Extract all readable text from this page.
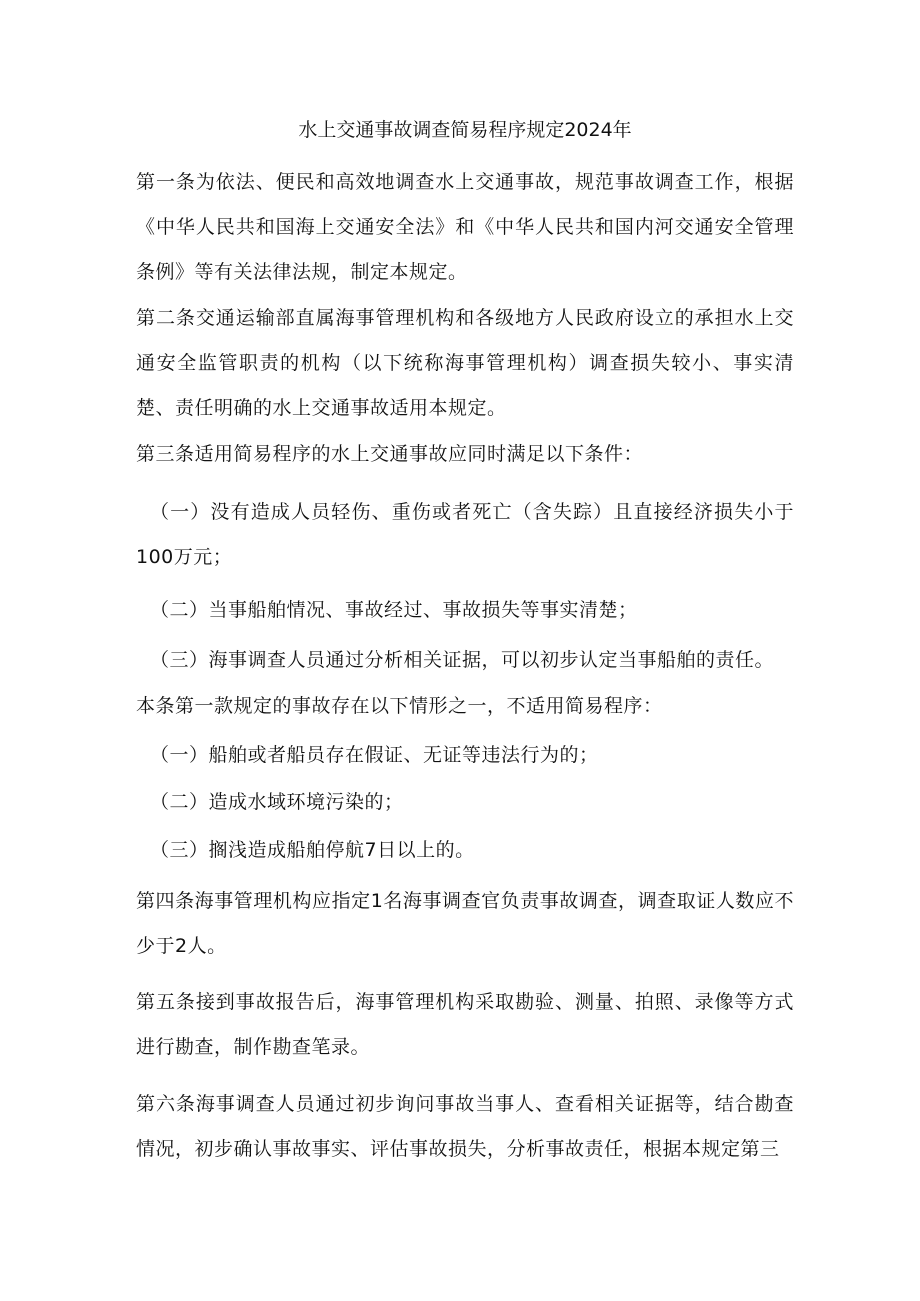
水上交通事故调查简易程序规定2024年

第一条为依法、便民和高效地调查水上交通事故，规范事故调查工作，根据《中华人民共和国海上交通安全法》和《中华人民共和国内河交通安全管理条例》等有关法律法规，制定本规定。

第二条交通运输部直属海事管理机构和各级地方人民政府设立的承担水上交通安全监管职责的机构（以下统称海事管理机构）调查损失较小、事实清楚、责任明确的水上交通事故适用本规定。

第三条适用简易程序的水上交通事故应同时满足以下条件：

（一）没有造成人员轻伤、重伤或者死亡（含失踪）且直接经济损失小于100万元；

（二）当事船舶情况、事故经过、事故损失等事实清楚；

（三）海事调查人员通过分析相关证据，可以初步认定当事船舶的责任。

本条第一款规定的事故存在以下情形之一，不适用简易程序：

（一）船舶或者船员存在假证、无证等违法行为的；

（二）造成水域环境污染的；

（三）搁浅造成船舶停航7日以上的。

第四条海事管理机构应指定1名海事调查官负责事故调查，调查取证人数应不少于2人。

第五条接到事故报告后，海事管理机构采取勘验、测量、拍照、录像等方式进行勘查，制作勘查笔录。

第六条海事调查人员通过初步询问事故当事人、查看相关证据等，结合勘查情况，初步确认事故事实、评估事故损失，分析事故责任，根据本规定第三
